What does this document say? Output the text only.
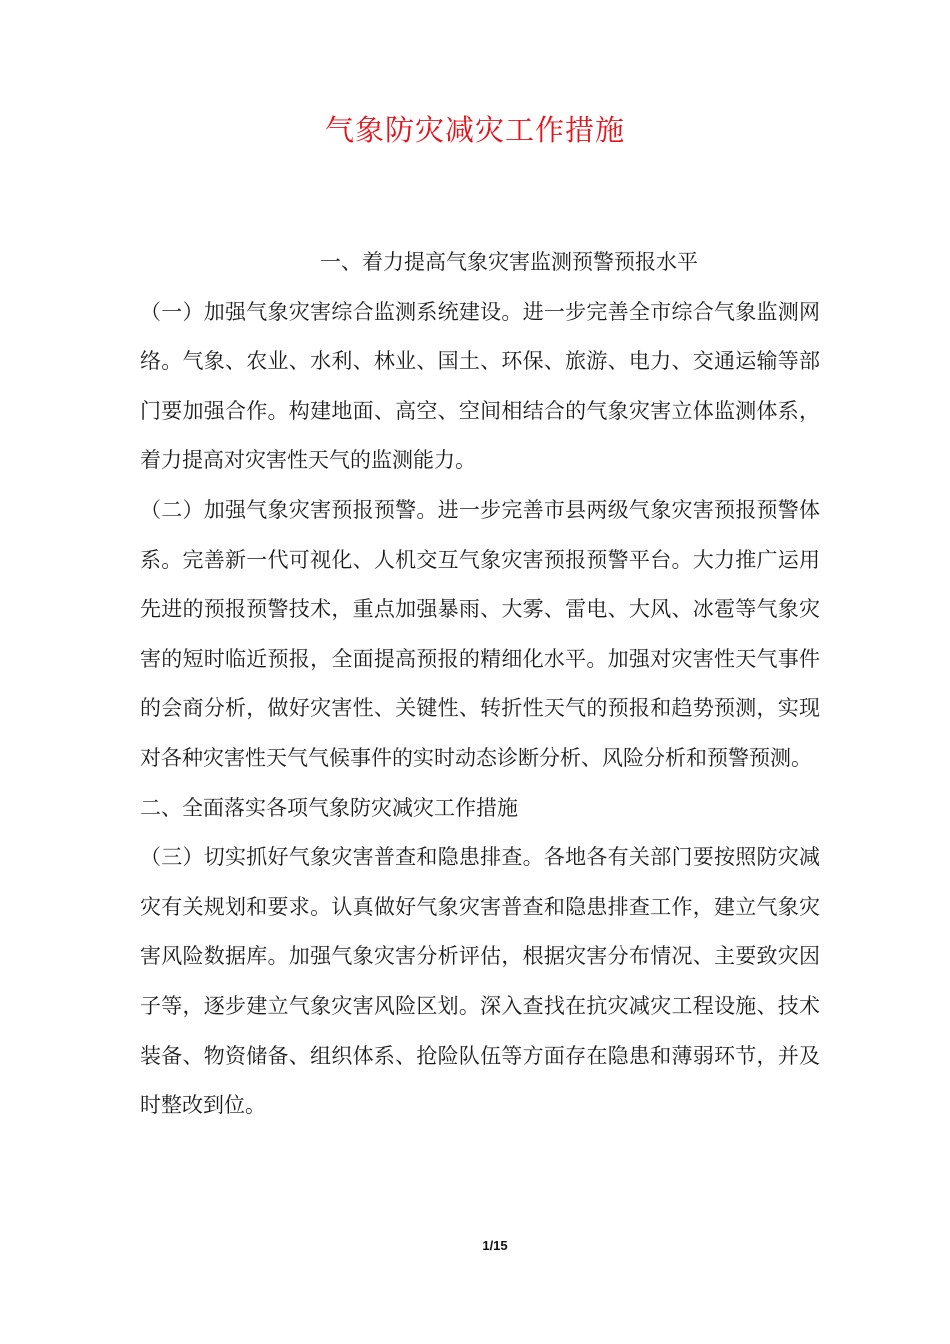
气象防灾减灾工作措施

一、着力提高气象灾害监测预警预报水平

（一）加强气象灾害综合监测系统建设。进一步完善全市综合气象监测网络。气象、农业、水利、林业、国土、环保、旅游、电力、交通运输等部门要加强合作。构建地面、高空、空间相结合的气象灾害立体监测体系，着力提高对灾害性天气的监测能力。

（二）加强气象灾害预报预警。进一步完善市县两级气象灾害预报预警体系。完善新一代可视化、人机交互气象灾害预报预警平台。大力推广运用先进的预报预警技术，重点加强暴雨、大雾、雷电、大风、冰雹等气象灾害的短时临近预报，全面提高预报的精细化水平。加强对灾害性天气事件的会商分析，做好灾害性、关键性、转折性天气的预报和趋势预测，实现对各种灾害性天气气候事件的实时动态诊断分析、风险分析和预警预测。

二、全面落实各项气象防灾减灾工作措施

（三）切实抓好气象灾害普查和隐患排查。各地各有关部门要按照防灾减灾有关规划和要求。认真做好气象灾害普查和隐患排查工作，建立气象灾害风险数据库。加强气象灾害分析评估，根据灾害分布情况、主要致灾因子等，逐步建立气象灾害风险区划。深入查找在抗灾减灾工程设施、技术装备、物资储备、组织体系、抢险队伍等方面存在隐患和薄弱环节，并及时整改到位。

1/15
